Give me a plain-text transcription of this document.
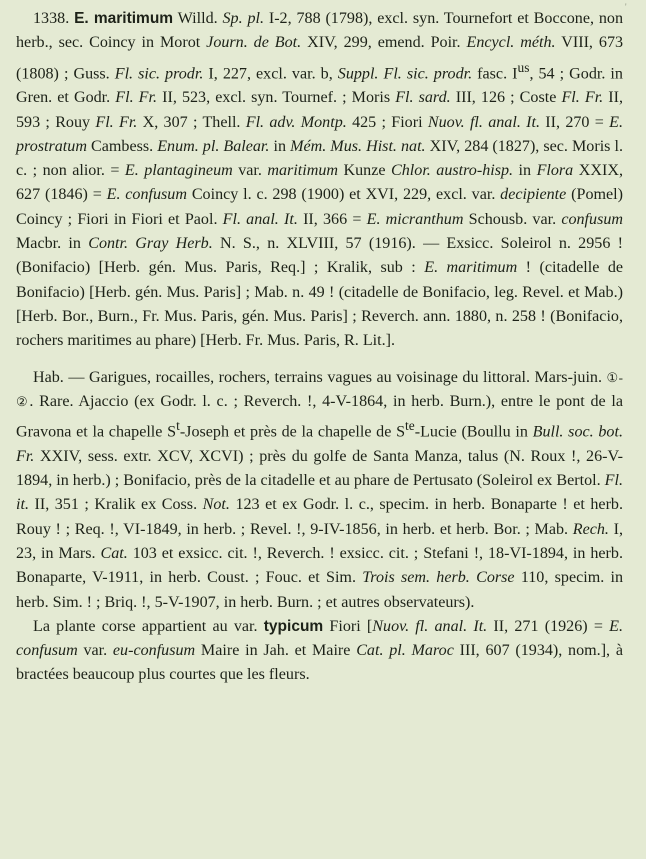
'

1338. E. maritimum Willd. Sp. pl. I-2, 788 (1798), excl. syn. Tournefort et Boccone, non herb., sec. Coincy in Morot Journ. de Bot. XIV, 299, emend. Poir. Encycl. méth. VIII, 673 (1808) ; Guss. Fl. sic. prodr. I, 227, excl. var. b, Suppl. Fl. sic. prodr. fasc. $I^{us}$, 54 ; Godr. in Gren. et Godr. Fl. Fr. II, 523, excl. syn. Tournef. ; Moris Fl. sard. III, 126 ; Coste Fl. Fr. II, 593 ; Rouy Fl. Fr. X, 307 ; Thell. Fl. adv. Montp. 425 ; Fiori Nuov. fl. anal. It. II, 270 = E. prostratum Cambess. Enum. pl. Balear. in Mém. Mus. Hist. nat. XIV, 284 (1827), sec. Moris l. c. ; non alior. = E. plantagineum var. maritimum Kunze Chlor. austro-hisp. in Flora XXIX, 627 (1846) = E. confusum Coincy l. c. 298 (1900) et XVI, 229, excl. var. decipiente (Pomel) Coincy ; Fiori in Fiori et Paol. Fl. anal. It. II, 366 = E. micranthum Schousb. var. confusum Macbr. in Contr. Gray Herb. N. S., n. XLVIII, 57 (1916). — Exsicc. Soleirol n. 2956 ! (Bonifacio) [Herb. gén. Mus. Paris, Req.] ; Kralik, sub : E. maritimum ! (citadelle de Bonifacio) [Herb. gén. Mus. Paris] ; Mab. n. 49 ! (citadelle de Bonifacio, leg. Revel. et Mab.) [Herb. Bor., Burn., Fr. Mus. Paris, gén. Mus. Paris] ; Reverch. ann. 1880, n. 258 ! (Bonifacio, rochers maritimes au phare) [Herb. Fr. Mus. Paris, R. Lit.].

Hab. — Garigues, rocailles, rochers, terrains vagues au voisinage du littoral. Mars-juin. ①-②. Rare. Ajaccio (ex Godr. l. c. ; Reverch. !, 4-V-1864, in herb. Burn.), entre le pont de la Gravona et la chapelle $S^t$-Joseph et près de la chapelle de $S^{te}$-Lucie (Boullu in Bull. soc. bot. Fr. XXIV, sess. extr. XCV, XCVI) ; près du golfe de Santa Manza, talus (N. Roux !, 26-V-1894, in herb.) ; Bonifacio, près de la citadelle et au phare de Pertusato (Soleirol ex Bertol. Fl. it. II, 351 ; Kralik ex Coss. Not. 123 et ex Godr. l. c., specim. in herb. Bonaparte ! et herb. Rouy ! ; Req. !, VI-1849, in herb. ; Revel. !, 9-IV-1856, in herb. et herb. Bor. ; Mab. Rech. I, 23, in Mars. Cat. 103 et exsicc. cit. !, Reverch. ! exsicc. cit. ; Stefani !, 18-VI-1894, in herb. Bonaparte, V-1911, in herb. Coust. ; Fouc. et Sim. Trois sem. herb. Corse 110, specim. in herb. Sim. ! ; Briq. !, 5-V-1907, in herb. Burn. ; et autres observateurs).

La plante corse appartient au var. typicum Fiori [Nuov. fl. anal. It. II, 271 (1926) = E. confusum var. eu-confusum Maire in Jah. et Maire Cat. pl. Maroc III, 607 (1934), nom.], à bractées beaucoup plus courtes que les fleurs.
